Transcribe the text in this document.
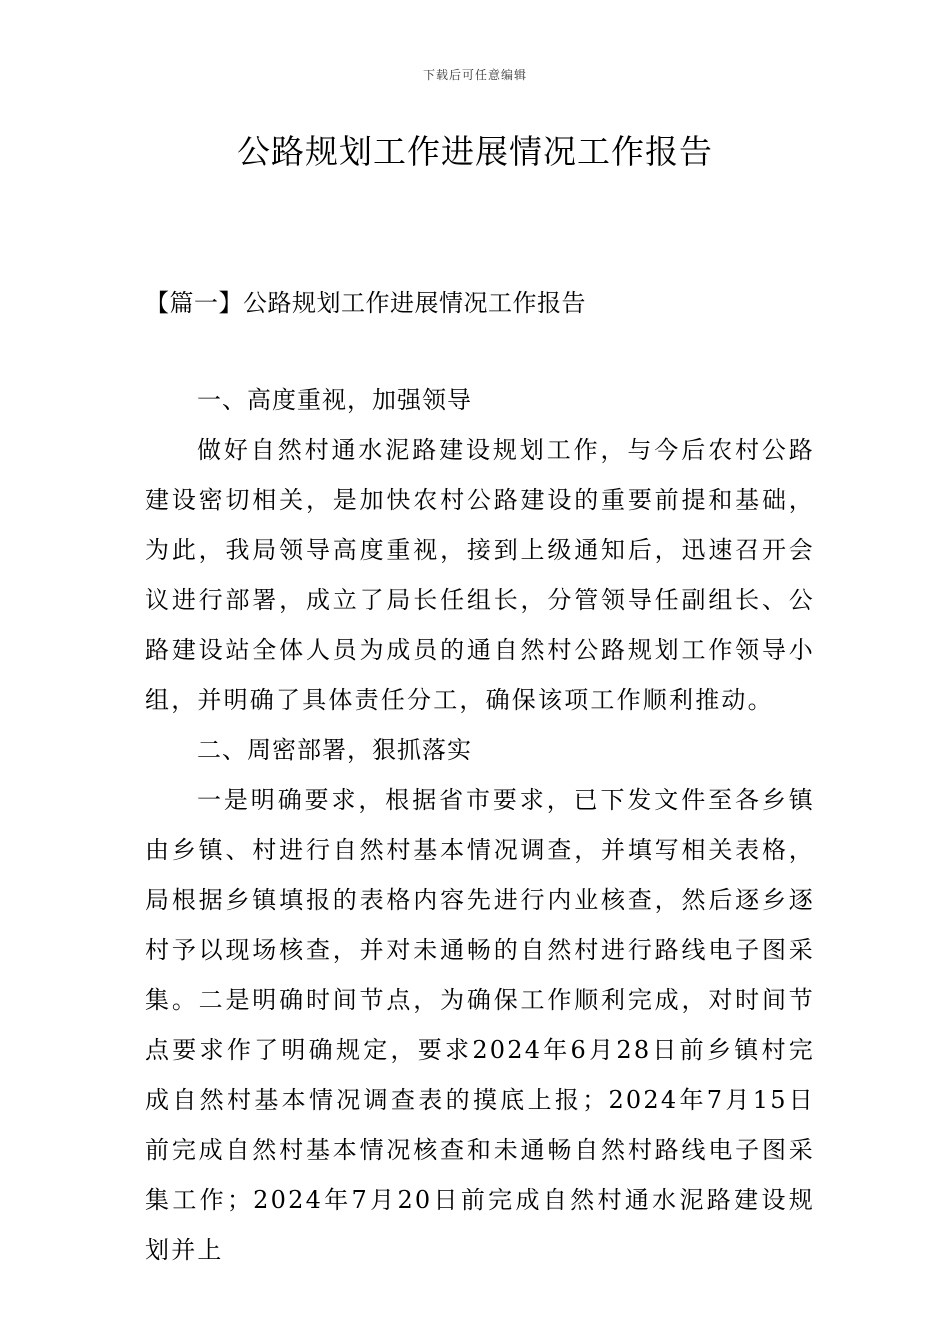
下载后可任意编辑
公路规划工作进展情况工作报告
【篇一】公路规划工作进展情况工作报告

一、高度重视，加强领导

做好自然村通水泥路建设规划工作，与今后农村公路建设密切相关，是加快农村公路建设的重要前提和基础，为此，我局领导高度重视，接到上级通知后，迅速召开会议进行部署，成立了局长任组长，分管领导任副组长、公路建设站全体人员为成员的通自然村公路规划工作领导小组，并明确了具体责任分工，确保该项工作顺利推动。

二、周密部署，狠抓落实

一是明确要求，根据省市要求，已下发文件至各乡镇由乡镇、村进行自然村基本情况调查，并填写相关表格，局根据乡镇填报的表格内容先进行内业核查，然后逐乡逐村予以现场核查，并对未通畅的自然村进行路线电子图采集。二是明确时间节点，为确保工作顺利完成，对时间节点要求作了明确规定，要求2024年6月28日前乡镇村完成自然村基本情况调查表的摸底上报；2024年7月15日前完成自然村基本情况核查和未通畅自然村路线电子图采集工作；2024年7月20日前完成自然村通水泥路建设规划并上
